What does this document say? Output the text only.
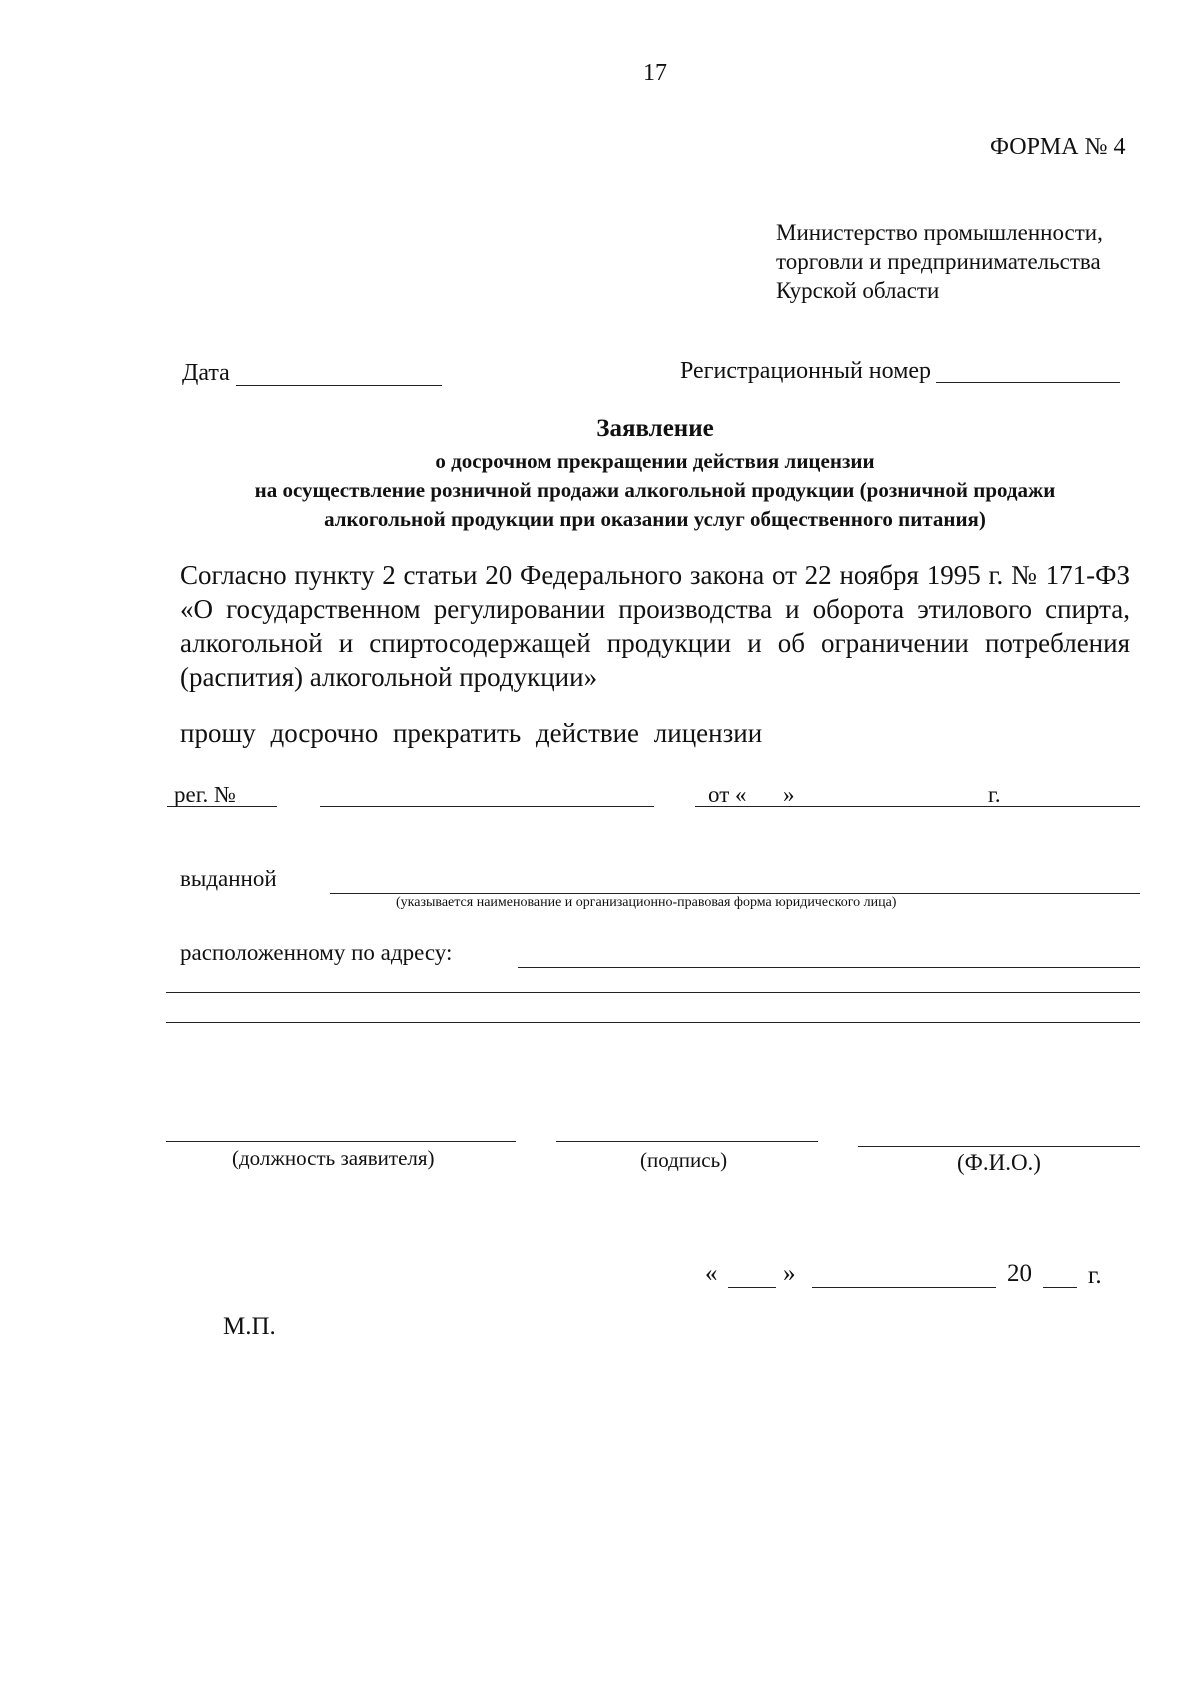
17
ФОРМА № 4
Министерство промышленности,
торговли и предпринимательства
Курской области
Дата	Регистрационный номер
Заявление
о досрочном прекращении действия лицензии
на осуществление розничной продажи алкогольной продукции (розничной продажи
алкогольной продукции при оказании услуг общественного питания)
Согласно пункту 2 статьи 20 Федерального закона от 22 ноября 1995 г. № 171-ФЗ «О государственном регулировании производства и оборота этилового спирта, алкогольной и спиртосодержащей продукции и об ограничении потребления (распития) алкогольной продукции»
прошу досрочно прекратить действие лицензии
рег. №	от « »	г.
выданной
(указывается наименование и организационно-правовая форма юридического лица)
расположенному по адресу:
(должность заявителя)	(подпись)	(Ф.И.О.)
«	»	20 г.
М.П.
